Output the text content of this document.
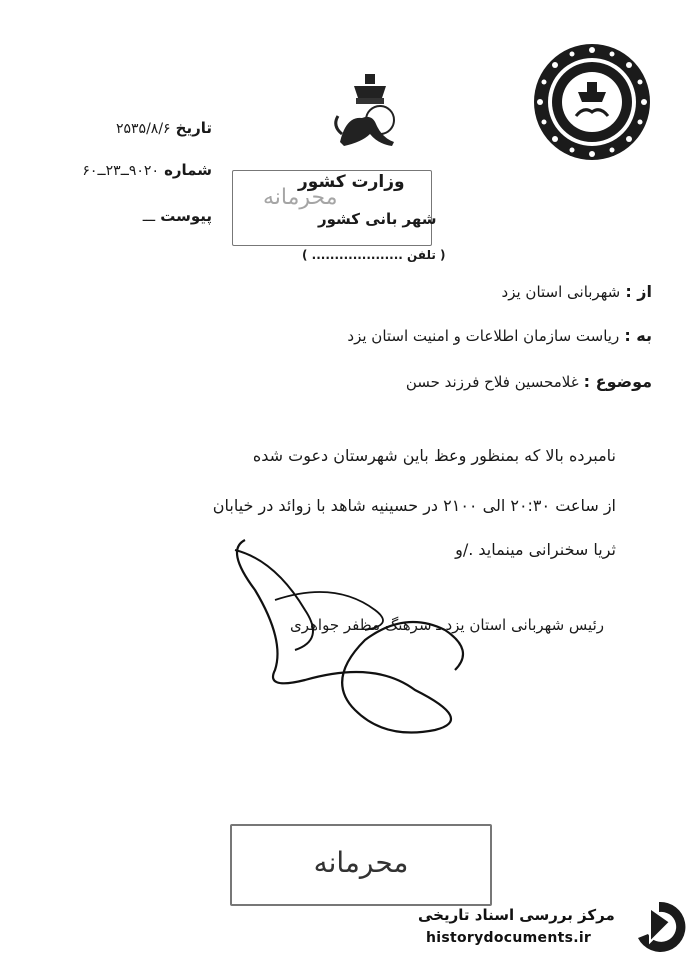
تاریخ ۲۵۳۵/۸/۶
شماره ۹۰۲۰ــ۲۳ــ۶۰
پیوست ـــ
محرمانه
وزارت کشور
شهر بانی کشور
( تلفن .................... )
از : شهربانی استان یزد
به : ریاست سازمان اطلاعات و امنیت استان یزد
موضوع : غلامحسین فلاح فرزند حسن
نامبرده بالا که بمنظور وعظ باین شهرستان دعوت شده
از ساعت ۲۰:۳۰ الی ۲۱۰۰ در حسینیه شاهد با زوائد در خیابان
ثریا سخنرانی مینماید ./و
رئیس شهربانی استان یزد ـ سرهنگ مظفر جواهری
محرمانه
مرکز بررسی اسناد تاریخی
historydocuments.ir
